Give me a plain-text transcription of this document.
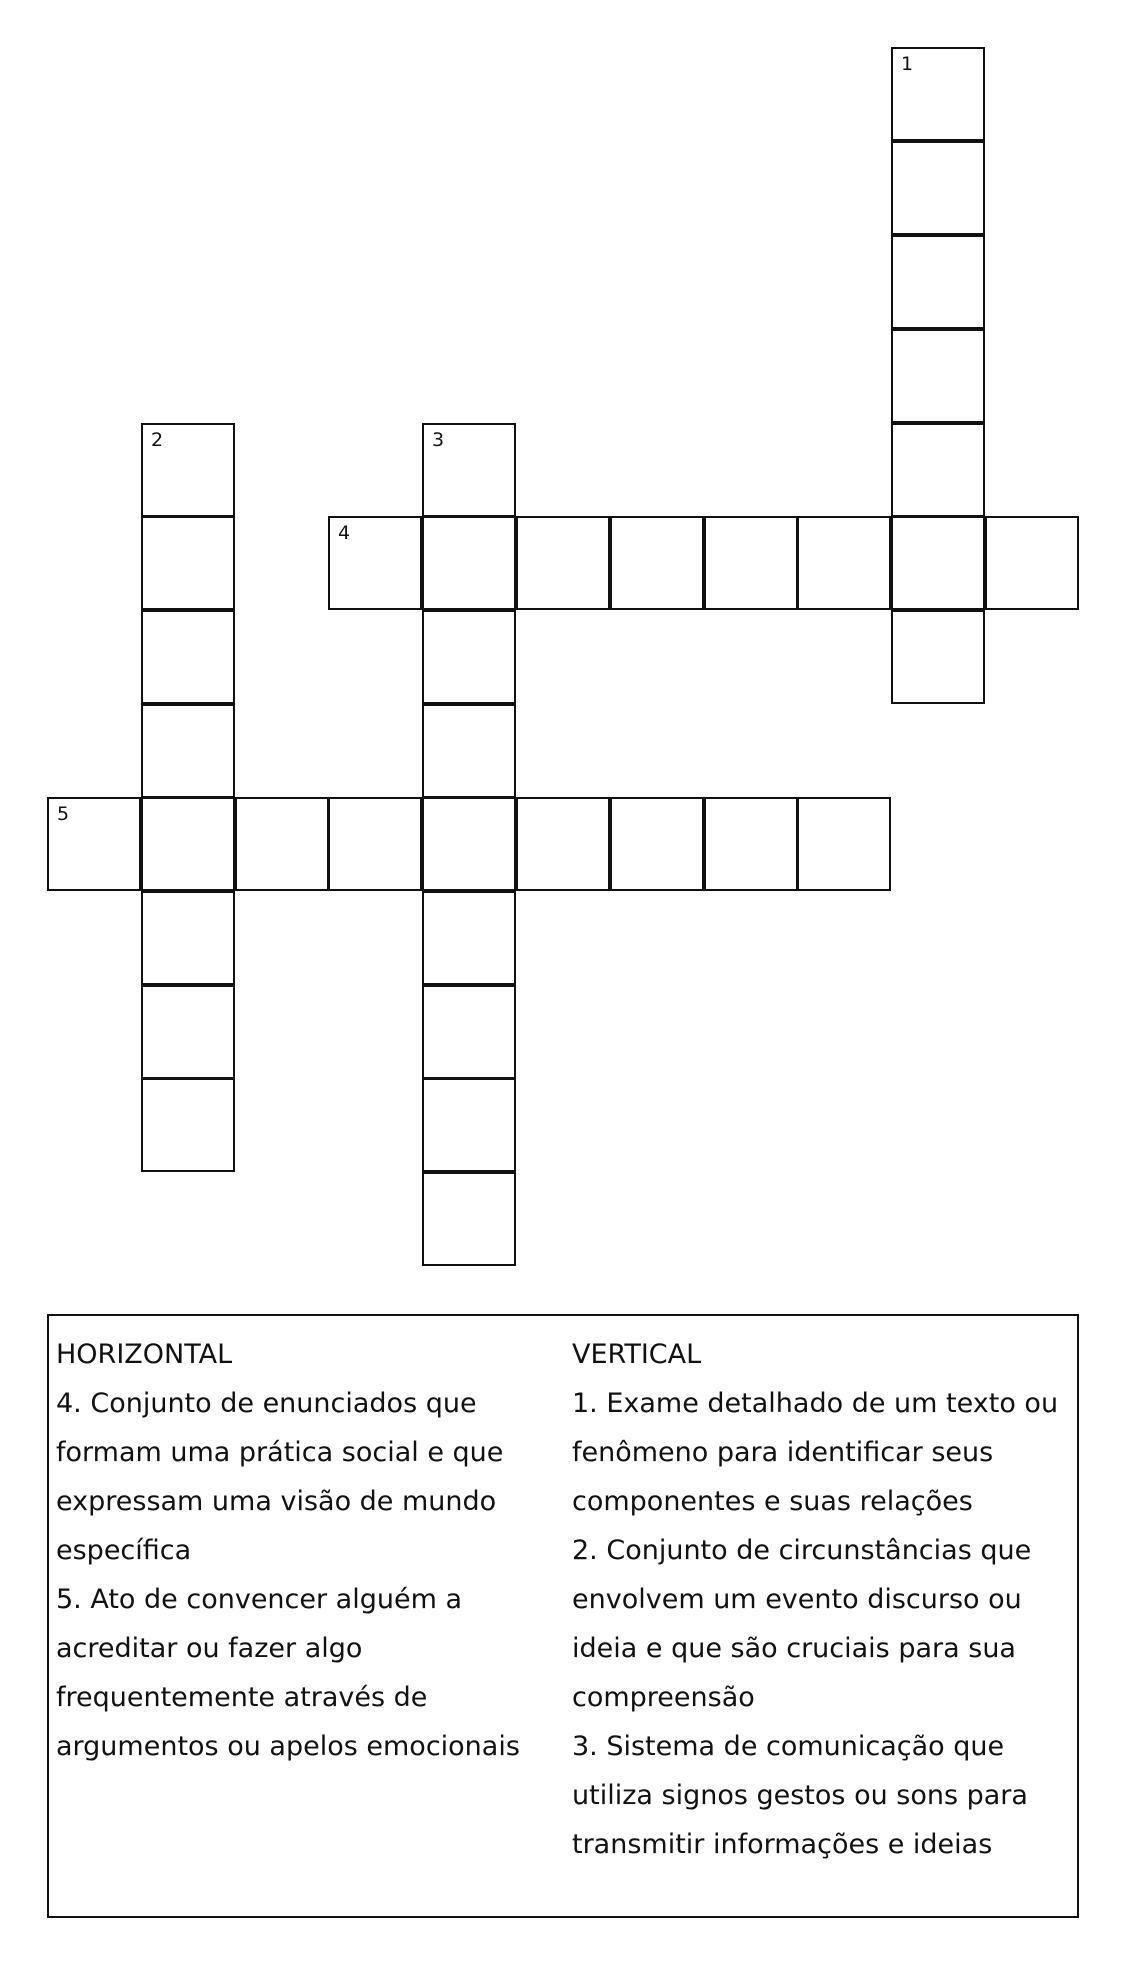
1
2	3
4
5
HORIZONTAL

4. Conjunto de enunciados que formam uma prática social e que expressam uma visão de mundo específica

5. Ato de convencer alguém a acreditar ou fazer algo frequentemente através de argumentos ou apelos emocionais

VERTICAL

1. Exame detalhado de um texto ou fenômeno para identificar seus componentes e suas relações

2. Conjunto de circunstâncias que envolvem um evento discurso ou ideia e que são cruciais para sua compreensão

3. Sistema de comunicação que utiliza signos gestos ou sons para transmitir informações e ideias
